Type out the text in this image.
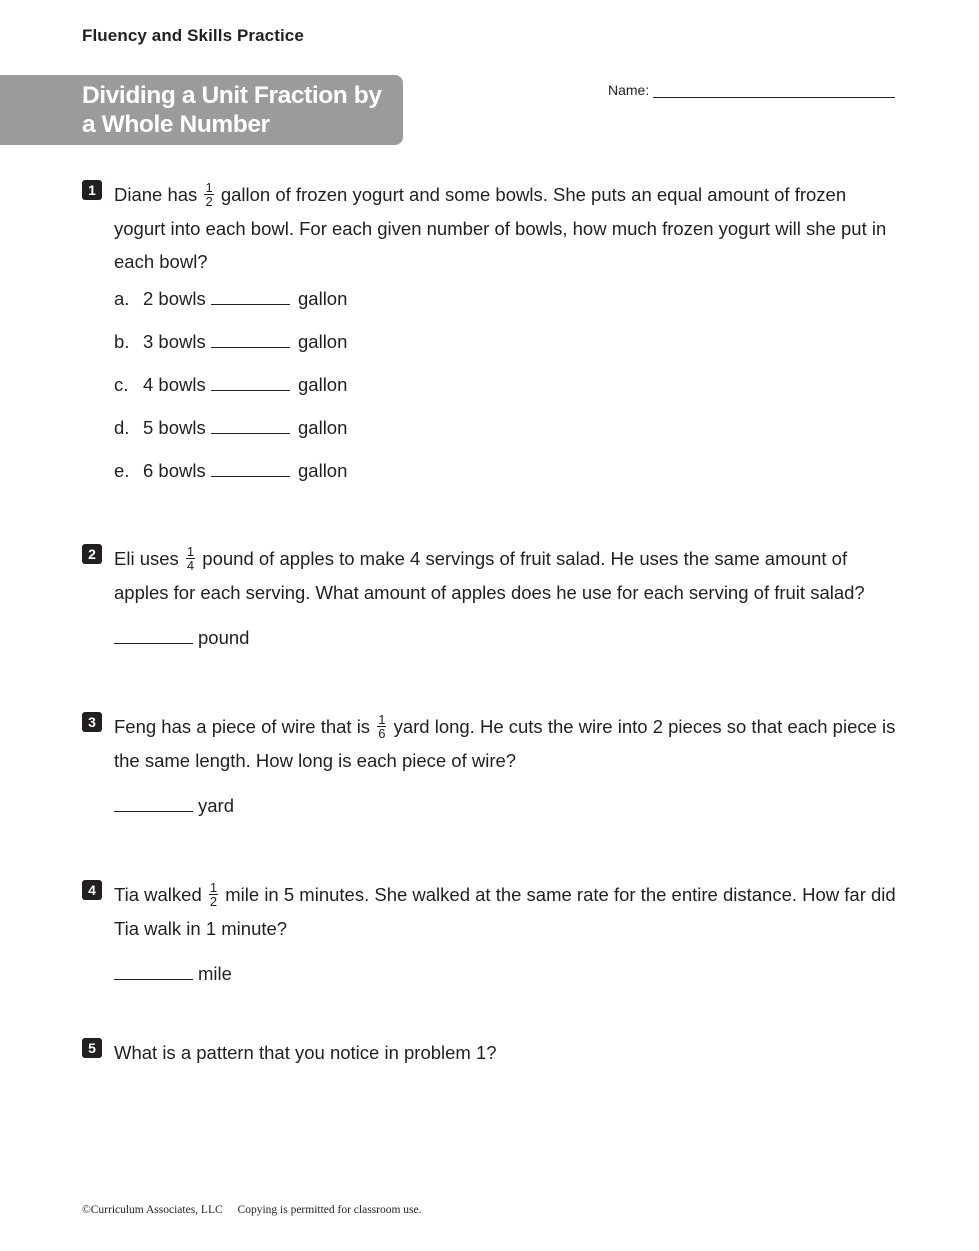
Fluency and Skills Practice
Dividing a Unit Fraction by
a Whole Number
Name:
1 Diane has $\frac{1}{2}$ gallon of frozen yogurt and some bowls. She puts an equal amount of frozen yogurt into each bowl. For each given number of bowls, how much frozen yogurt will she put in each bowl?
a. 2 bowls	gallon
b. 3 bowls	gallon
c. 4 bowls	gallon
d. 5 bowls	gallon
e. 6 bowls	gallon
2 Eli uses $\frac{1}{4}$ pound of apples to make 4 servings of fruit salad. He uses the same amount of apples for each serving. What amount of apples does he use for each serving of fruit salad?
pound
3 Feng has a piece of wire that is $\frac{1}{6}$ yard long. He cuts the wire into 2 pieces so that each piece is the same length. How long is each piece of wire?
yard
4 Tia walked $\frac{1}{2}$ mile in 5 minutes. She walked at the same rate for the entire distance. How far did Tia walk in 1 minute?
mile
5 What is a pattern that you notice in problem 1?
©Curriculum Associates, LLC Copying is permitted for classroom use.
